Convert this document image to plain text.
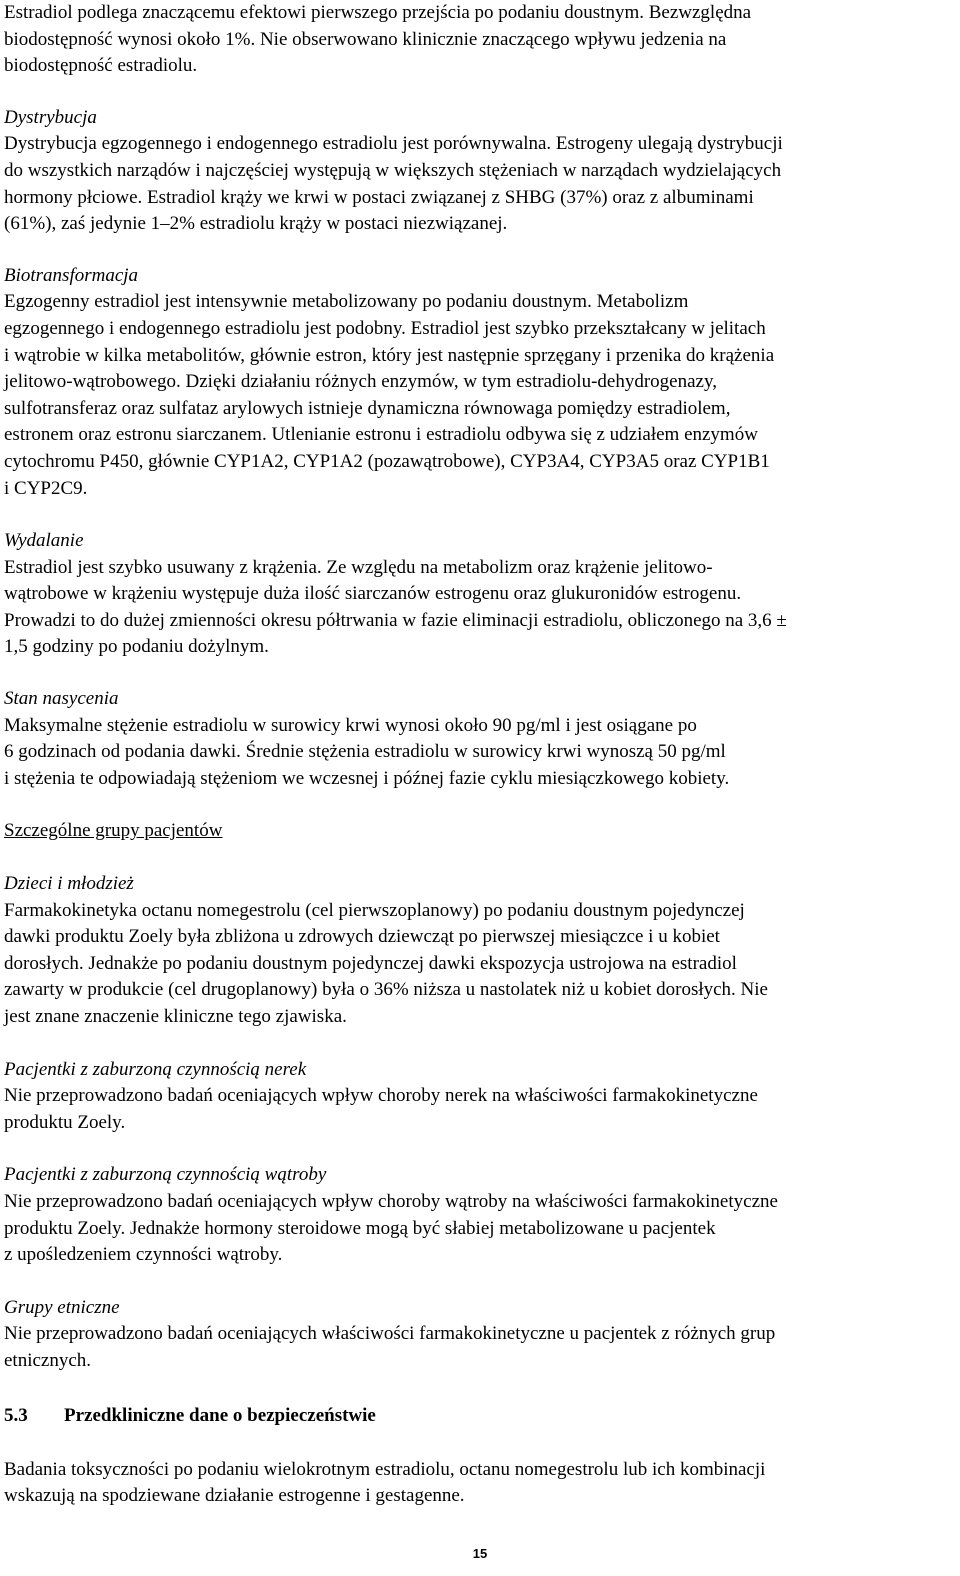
Estradiol podlega znaczącemu efektowi pierwszego przejścia po podaniu doustnym. Bezwzględna
biodostępność wynosi około 1%. Nie obserwowano klinicznie znaczącego wpływu jedzenia na
biodostępność estradiolu.

Dystrybucja

Dystrybucja egzogennego i endogennego estradiolu jest porównywalna. Estrogeny ulegają dystrybucji
do wszystkich narządów i najczęściej występują w większych stężeniach w narządach wydzielających
hormony płciowe. Estradiol krąży we krwi w postaci związanej z SHBG (37%) oraz z albuminami
(61%), zaś jedynie 1–2% estradiolu krąży w postaci niezwiązanej.

Biotransformacja

Egzogenny estradiol jest intensywnie metabolizowany po podaniu doustnym. Metabolizm
egzogennego i endogennego estradiolu jest podobny. Estradiol jest szybko przekształcany w jelitach
i wątrobie w kilka metabolitów, głównie estron, który jest następnie sprzęgany i przenika do krążenia
jelitowo-wątrobowego. Dzięki działaniu różnych enzymów, w tym estradiolu-dehydrogenazy,
sulfotransferaz oraz sulfataz arylowych istnieje dynamiczna równowaga pomiędzy estradiolem,
estronem oraz estronu siarczanem. Utlenianie estronu i estradiolu odbywa się z udziałem enzymów
cytochromu P450, głównie CYP1A2, CYP1A2 (pozawątrobowe), CYP3A4, CYP3A5 oraz CYP1B1
i CYP2C9.

Wydalanie

Estradiol jest szybko usuwany z krążenia. Ze względu na metabolizm oraz krążenie jelitowo-
wątrobowe w krążeniu występuje duża ilość siarczanów estrogenu oraz glukuronidów estrogenu.
Prowadzi to do dużej zmienności okresu półtrwania w fazie eliminacji estradiolu, obliczonego na 3,6 ±
1,5 godziny po podaniu dożylnym.

Stan nasycenia

Maksymalne stężenie estradiolu w surowicy krwi wynosi około 90 pg/ml i jest osiągane po
6 godzinach od podania dawki. Średnie stężenia estradiolu w surowicy krwi wynoszą 50 pg/ml
i stężenia te odpowiadają stężeniom we wczesnej i późnej fazie cyklu miesiączkowego kobiety.

Szczególne grupy pacjentów

Dzieci i młodzież

Farmakokinetyka octanu nomegestrolu (cel pierwszoplanowy) po podaniu doustnym pojedynczej
dawki produktu Zoely była zbliżona u zdrowych dziewcząt po pierwszej miesiączce i u kobiet
dorosłych. Jednakże po podaniu doustnym pojedynczej dawki ekspozycja ustrojowa na estradiol
zawarty w produkcie (cel drugoplanowy) była o 36% niższa u nastolatek niż u kobiet dorosłych. Nie
jest znane znaczenie kliniczne tego zjawiska.

Pacjentki z zaburzoną czynnością nerek

Nie przeprowadzono badań oceniających wpływ choroby nerek na właściwości farmakokinetyczne
produktu Zoely.

Pacjentki z zaburzoną czynnością wątroby

Nie przeprowadzono badań oceniających wpływ choroby wątroby na właściwości farmakokinetyczne
produktu Zoely. Jednakże hormony steroidowe mogą być słabiej metabolizowane u pacjentek
z upośledzeniem czynności wątroby.

Grupy etniczne

Nie przeprowadzono badań oceniających właściwości farmakokinetyczne u pacjentek z różnych grup
etnicznych.

5.3 Przedkliniczne dane o bezpieczeństwie

Badania toksyczności po podaniu wielokrotnym estradiolu, octanu nomegestrolu lub ich kombinacji
wskazują na spodziewane działanie estrogenne i gestagenne.

15
